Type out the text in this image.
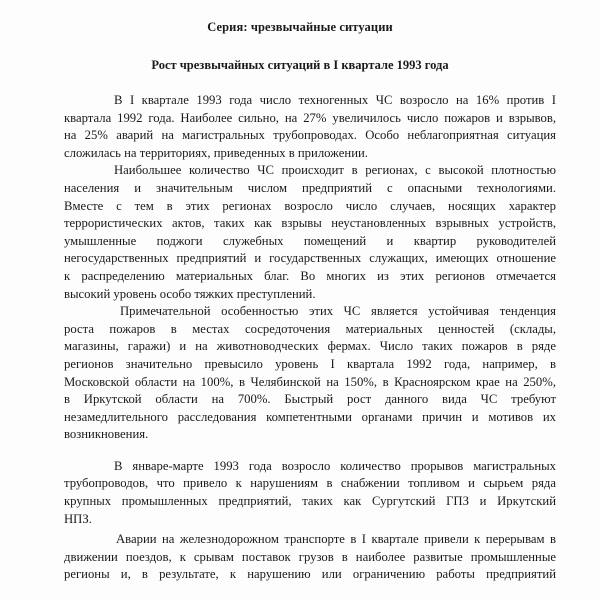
Серия: чрезвычайные ситуации
Рост чрезвычайных ситуаций в I квартале 1993 года
В I квартале 1993 года число техногенных ЧС возросло на 16% против I
квартала 1992 года. Наиболее сильно, на 27% увеличилось число пожаров и взрывов,
на 25% аварий на магистральных трубопроводах. Особо неблагоприятная ситуация
сложилась на территориях, приведенных в приложении.
Наибольшее количество ЧС происходит в регионах, с высокой плотностью
населения и значительным числом предприятий с опасными технологиями.
Вместе с тем в этих регионах возросло число случаев, носящих характер
террористических актов, таких как взрывы неустановленных взрывных устройств,
умышленные поджоги служебных помещений и квартир руководителей
негосударственных предприятий и государственных служащих, имеющих отношение
к распределению материальных благ. Во многих из этих регионов отмечается
высокий уровень особо тяжких преступлений.
Примечательной особенностью этих ЧС является устойчивая тенденция
роста пожаров в местах сосредоточения материальных ценностей (склады,
магазины, гаражи) и на животноводческих фермах. Число таких пожаров в ряде
регионов значительно превысило уровень I квартала 1992 года, например, в
Московской области на 100%, в Челябинской на 150%, в Красноярском крае на 250%,
в Иркутской области на 700%. Быстрый рост данного вида ЧС требуют
незамедлительного расследования компетентными органами причин и мотивов их
возникновения.
В январе-марте 1993 года возросло количество прорывов магистральных
трубопроводов, что привело к нарушениям в снабжении топливом и сырьем ряда
крупных промышленных предприятий, таких как Сургутский ГПЗ и Иркутский
НПЗ.
Аварии на железнодорожном транспорте в I квартале привели к перерывам в
движении поездов, к срывам поставок грузов в наиболее развитые промышленные
регионы и, в результате, к нарушению или ограничению работы предприятий
